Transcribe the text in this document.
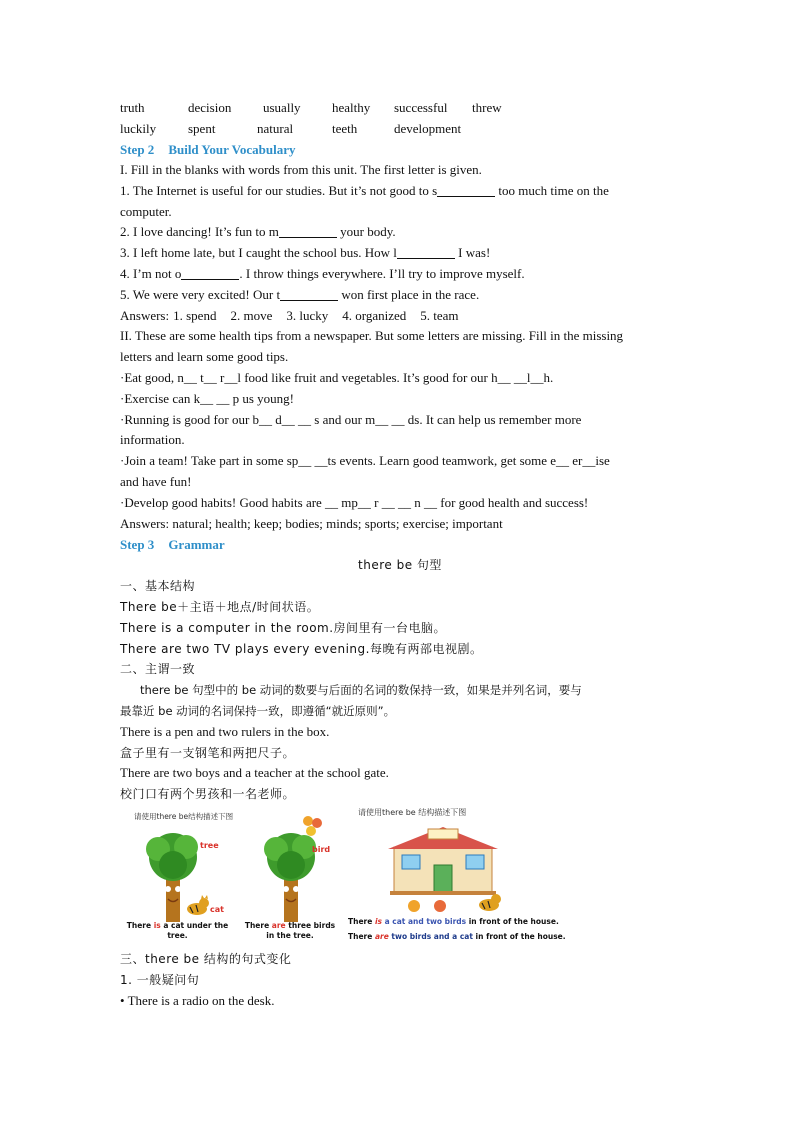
truth	decision	usually	healthy	successful	threw
luckily	spent	natural	teeth	development
Step 2 Build Your Vocabulary
I. Fill in the blanks with words from this unit. The first letter is given.
1. The Internet is useful for our studies. But it’s not good to s	too much time on the
computer.
2. I love dancing! It’s fun to m	your body.
3. I left home late, but I caught the school bus. How l	I was!
4. I’m not o	. I throw things everywhere. I’ll try to improve myself.
5. We were very excited! Our t	won first place in the race.
Answers: 1. spend 2. move 3. lucky 4. organized 5. team
II. These are some health tips from a newspaper. But some letters are missing. Fill in the missing
letters and learn some good tips.
·Eat good, n__ t__ r__l food like fruit and vegetables. It’s good for our h__ __l__h.
·Exercise can k__ __ p us young!
·Running is good for our b__ d__ __ s and our m__ __ ds. It can help us remember more
information.
·Join a team! Take part in some sp__ __ts events. Learn good teamwork, get some e__ er__ise
and have fun!
·Develop good habits! Good habits are __ mp__ r __ __ n __ for good health and success!
Answers: natural; health; keep; bodies; minds; sports; exercise; important
Step 3 Grammar
there be 句型
一、基本结构
There be＋主语＋地点/时间状语。
There is a computer in the room.房间里有一台电脑。
There are two TV plays every evening.每晚有两部电视剧。
二、主谓一致
there be 句型中的 be 动词的数要与后面的名词的数保持一致，如果是并列名词，要与
最靠近 be 动词的名词保持一致，即遵循“就近原则”。
There is a pen and two rulers in the box.
盒子里有一支钢笔和两把尺子。
There are two boys and a teacher at the school gate.
校门口有两个男孩和一名老师。
请使用there be结构描述下图
tree
cat
There is a cat under the tree.
bird
There are three birds
in the tree.
请使用there be 结构描述下图
There is a cat and two birds in front of the house.
There are two birds and a cat in front of the house.
三、there be 结构的句式变化
1. 一般疑问句
• There is a radio on the desk.
